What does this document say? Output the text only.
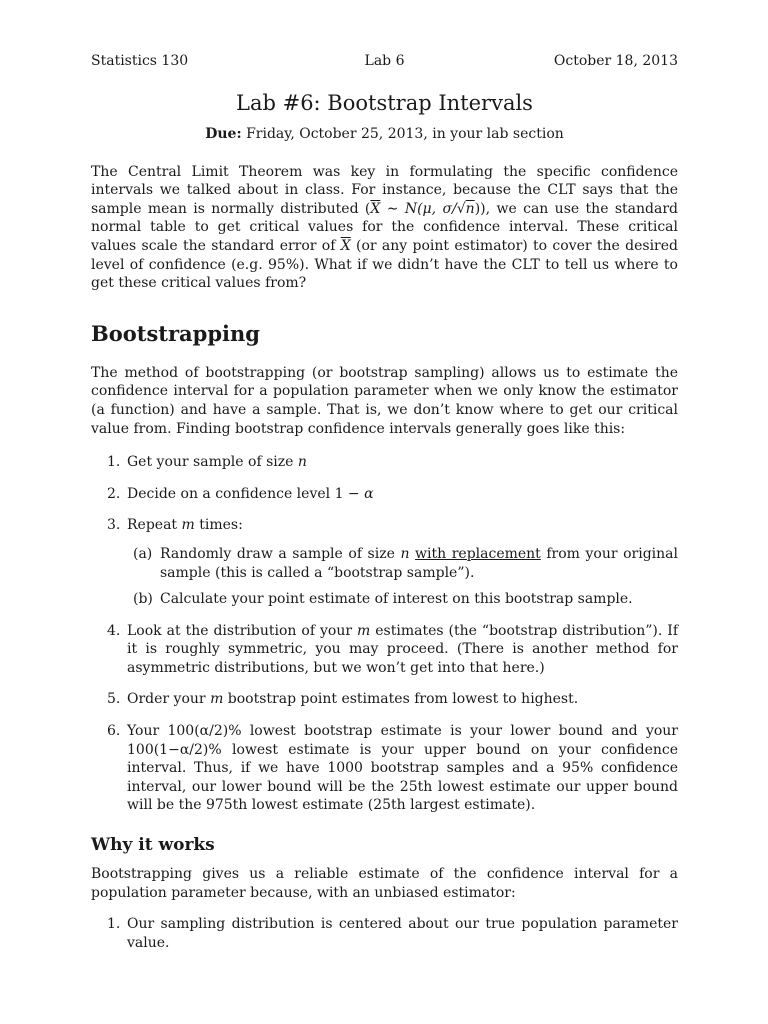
Statistics 130	Lab 6	October 18, 2013
Lab #6: Bootstrap Intervals
Due: Friday, October 25, 2013, in your lab section

The Central Limit Theorem was key in formulating the specific confidence intervals we talked about in class. For instance, because the CLT says that the sample mean is normally distributed ($\overline{X}$ ∼ N(μ, σ/√n)), we can use the standard normal table to get critical values for the confidence interval. These critical values scale the standard error of $\overline{X}$ (or any point estimator) to cover the desired level of confidence (e.g. 95%). What if we didn’t have the CLT to tell us where to get these critical values from?

Bootstrapping

The method of bootstrapping (or bootstrap sampling) allows us to estimate the confidence interval for a population parameter when we only know the estimator (a function) and have a sample. That is, we don’t know where to get our critical value from. Finding bootstrap confidence intervals generally goes like this:

1. Get your sample of size n

2. Decide on a confidence level 1 − α

3. Repeat m times:

(a) Randomly draw a sample of size n with replacement from your original sample (this is called a “bootstrap sample”).

(b) Calculate your point estimate of interest on this bootstrap sample.

4. Look at the distribution of your m estimates (the “bootstrap distribution”). If it is roughly symmetric, you may proceed. (There is another method for asymmetric distributions, but we won’t get into that here.)

5. Order your m bootstrap point estimates from lowest to highest.

6. Your 100(α/2)% lowest bootstrap estimate is your lower bound and your 100(1−α/2)% lowest estimate is your upper bound on your confidence interval. Thus, if we have 1000 bootstrap samples and a 95% confidence interval, our lower bound will be the 25th lowest estimate our upper bound will be the 975th lowest estimate (25th largest estimate).

Why it works

Bootstrapping gives us a reliable estimate of the confidence interval for a population parameter because, with an unbiased estimator:

1. Our sampling distribution is centered about our true population parameter value.
